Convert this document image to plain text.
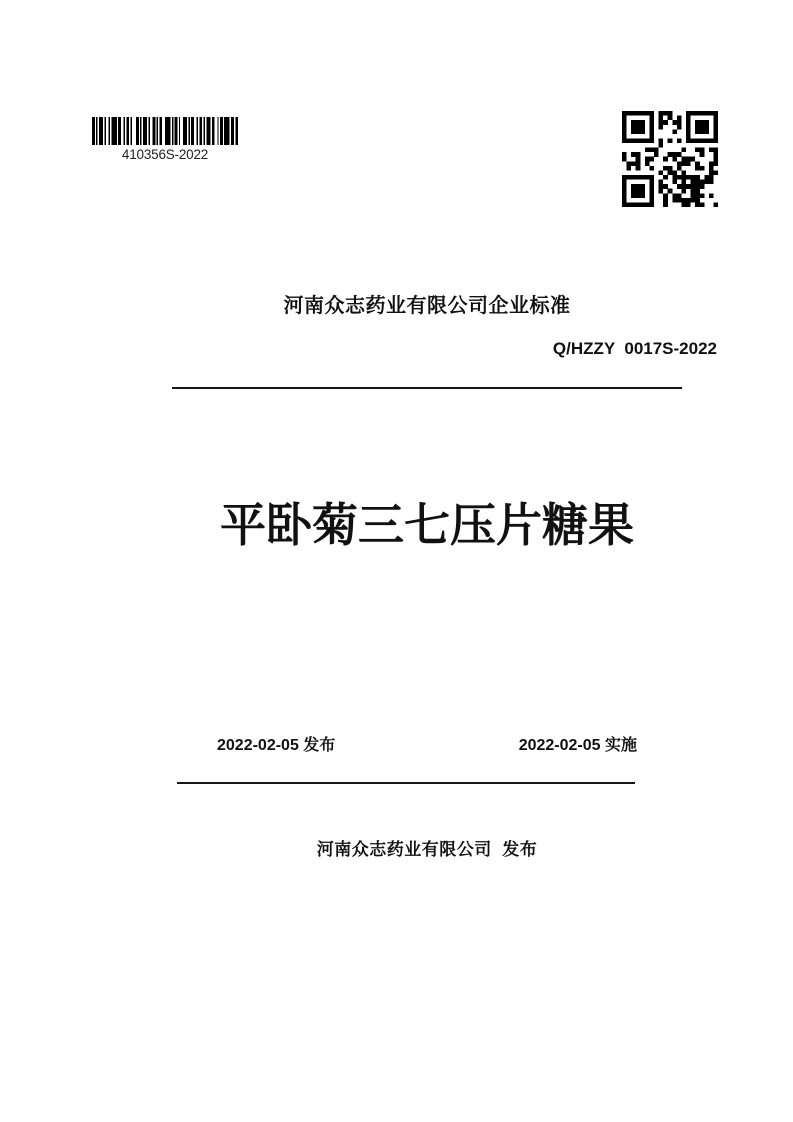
410356S-2022
河南众志药业有限公司企业标准
Q/HZZY  0017S-2022
平卧菊三七压片糖果
2022-02-05 发布	2022-02-05 实施
河南众志药业有限公司  发布
